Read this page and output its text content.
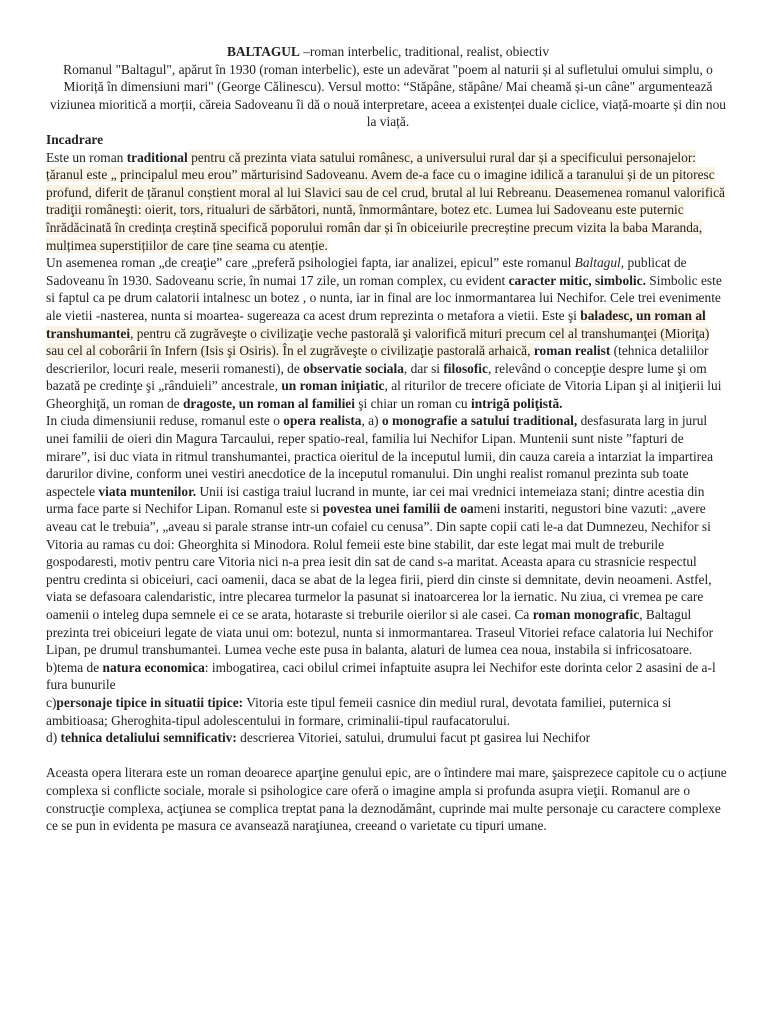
BALTAGUL –roman interbelic, traditional, realist, obiectiv
Romanul "Baltagul", apărut în 1930 (roman interbelic), este un adevărat "poem al naturii și al sufletului omului simplu, o Mioriță în dimensiuni mari" (George Călinescu). Versul motto: “Stăpâne, stăpâne/ Mai cheamă și-un câne" argumentează viziunea mioritică a morții, căreia Sadoveanu îi dă o nouă interpretare, aceea a existenței duale ciclice, viață-moarte și din nou la viață.
Incadrare

Este un roman traditional pentru că prezinta viata satului românesc, a universului rural dar și a specificului personajelor: țăranul este „ principalul meu erou” mărturisind Sadoveanu. Avem de-a face cu o imagine idilică a taranului și de un pitoresc profund, diferit de țăranul conștient moral al lui Slavici sau de cel crud, brutal al lui Rebreanu. Deasemenea romanul valorifică tradiţii româneşti: oierit, tors, ritualuri de sărbători, nuntă, înmormântare, botez etc. Lumea lui Sadoveanu este puternic înrădăcinată în credința creștină specifică poporului român dar și în obiceiurile precreștine precum vizita la baba Maranda, mulțimea superstițiilor de care ține seama cu atenție.

Un asemenea roman „de creaţie” care „preferă psihologiei fapta, iar analizei, epicul” este romanul Baltagul, publicat de Sadoveanu în 1930. Sadoveanu scrie, în numai 17 zile, un roman complex, cu evident caracter mitic, simbolic. Simbolic este si faptul ca pe drum calatorii intalnesc un botez , o nunta, iar in final are loc inmormantarea lui Nechifor. Cele trei evenimente ale vietii -nasterea, nunta si moartea- sugereaza ca acest drum reprezinta o metafora a vietii. Este şi baladesc, un roman al transhumantei, pentru că zugrăveşte o civilizaţie veche pastorală şi valorifică mituri precum cel al transhumanţei (Mioriţa) sau cel al coborârii în Infern (Isis şi Osiris). În el zugrăveşte o civilizaţie pastorală arhaică, roman realist (tehnica detaliilor descrierilor, locuri reale, meserii romanesti), de observatie sociala, dar si filosofic, relevând o concepţie despre lume şi om bazată pe credinţe şi „rânduieli” ancestrale, un roman iniţiatic, al riturilor de trecere oficiate de Vitoria Lipan şi al iniţierii lui Gheorghiţă, un roman de dragoste, un roman al familiei şi chiar un roman cu intrigă poliţistă.

In ciuda dimensiunii reduse, romanul este o opera realista, a) o monografie a satului traditional, desfasurata larg in jurul unei familii de oieri din Magura Tarcaului, reper spatio-real, familia lui Nechifor Lipan. Muntenii sunt niste ”fapturi de mirare”, isi duc viata in ritmul transhumantei, practica oieritul de la inceputul lumii, din cauza careia a intarziat la impartirea darurilor divine, conform unei vestiri anecdotice de la inceputul romanului. Din unghi realist romanul prezinta sub toate aspectele viata muntenilor. Unii isi castiga traiul lucrand in munte, iar cei mai vrednici intemeiaza stani; dintre acestia din urma face parte si Nechifor Lipan. Romanul este si povestea unei familii de oameni instariti, negustori bine vazuti: „avere aveau cat le trebuia”, „aveau si parale stranse intr-un cofaiel cu cenusa”. Din sapte copii cati le-a dat Dumnezeu, Nechifor si Vitoria au ramas cu doi: Gheorghita si Minodora. Rolul femeii este bine stabilit, dar este legat mai mult de treburile gospodaresti, motiv pentru care Vitoria nici n-a prea iesit din sat de cand s-a maritat. Aceasta apara cu strasnicie respectul pentru credinta si obiceiuri, caci oamenii, daca se abat de la legea firii, pierd din cinste si demnitate, devin neoameni. Astfel, viata se defasoara calendaristic, intre plecarea turmelor la pasunat si inatoarcerea lor la iernatic. Nu ziua, ci vremea pe care oamenii o inteleg dupa semnele ei ce se arata, hotaraste si treburile oierilor si ale casei. Ca roman monografic, Baltagul prezinta trei obiceiuri legate de viata unui om: botezul, nunta si inmormantarea. Traseul Vitoriei reface calatoria lui Nechifor Lipan, pe drumul transhumantei. Lumea veche este pusa in balanta, alaturi de lumea cea noua, instabila si infricosatoare.

b)tema de natura economica: imbogatirea, caci obilul crimei infaptuite asupra lei Nechifor este dorinta celor 2 asasini de a-l fura bunurile

c)personaje tipice in situatii tipice: Vitoria este tipul femeii casnice din mediul rural, devotata familiei, puternica si ambitioasa; Gheroghita-tipul adolescentului in formare, criminalii-tipul raufacatorului.

d) tehnica detaliului semnificativ: descrierea Vitoriei, satului, drumului facut pt gasirea lui Nechifor

Aceasta opera literara este un roman deoarece aparţine genului epic, are o întindere mai mare, şaisprezece capitole cu o acțiune complexa si conflicte sociale, morale si psihologice care oferă o imagine ampla si profunda asupra vieţii. Romanul are o construcţie complexa, acţiunea se complica treptat pana la deznodământ, cuprinde mai multe personaje cu caractere complexe ce se pun in evidenta pe masura ce avansează naraţiunea, creeand o varietate cu tipuri umane.
